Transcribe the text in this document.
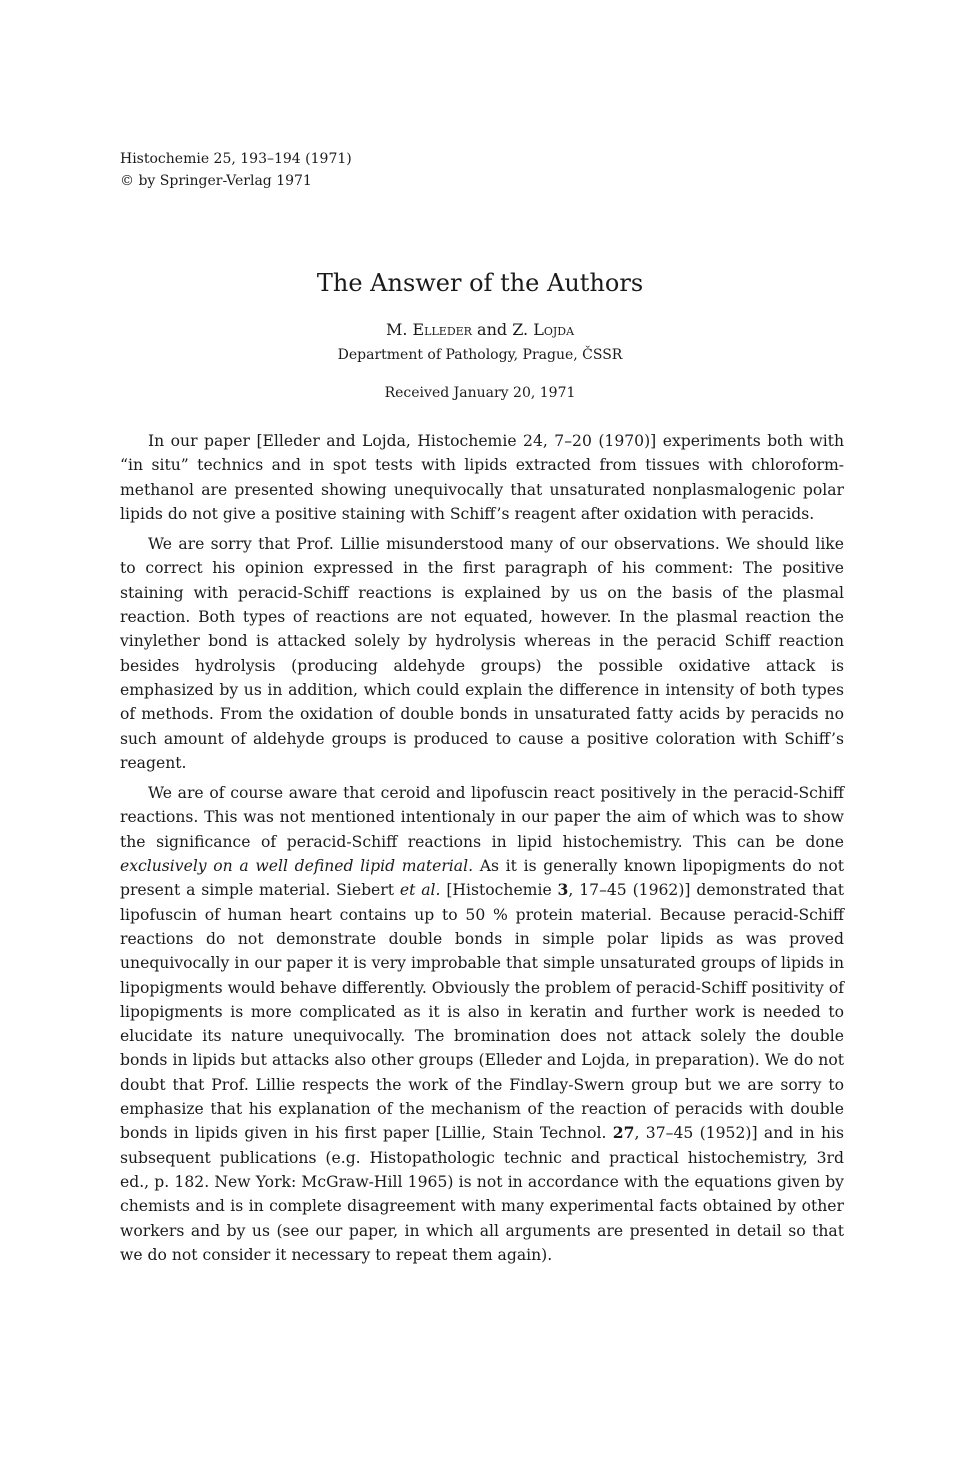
Histochemie 25, 193–194 (1971)
© by Springer-Verlag 1971
The Answer of the Authors
M. Elleder and Z. Lojda
Department of Pathology, Prague, ČSSR
Received January 20, 1971

In our paper [Elleder and Lojda, Histochemie 24, 7–20 (1970)] experiments both with “in situ” technics and in spot tests with lipids extracted from tissues with chloroform-methanol are presented showing unequivocally that unsaturated nonplasmalogenic polar lipids do not give a positive staining with Schiff’s reagent after oxidation with peracids.

We are sorry that Prof. Lillie misunderstood many of our observations. We should like to correct his opinion expressed in the first paragraph of his comment: The positive staining with peracid-Schiff reactions is explained by us on the basis of the plasmal reaction. Both types of reactions are not equated, however. In the plasmal reaction the vinylether bond is attacked solely by hydrolysis whereas in the peracid Schiff reaction besides hydrolysis (producing aldehyde groups) the possible oxidative attack is emphasized by us in addition, which could explain the difference in intensity of both types of methods. From the oxidation of double bonds in unsaturated fatty acids by peracids no such amount of aldehyde groups is produced to cause a positive coloration with Schiff’s reagent.

We are of course aware that ceroid and lipofuscin react positively in the peracid-Schiff reactions. This was not mentioned intentionaly in our paper the aim of which was to show the significance of peracid-Schiff reactions in lipid histochemistry. This can be done exclusively on a well defined lipid material. As it is generally known lipopigments do not present a simple material. Siebert et al. [Histochemie 3, 17–45 (1962)] demonstrated that lipofuscin of human heart contains up to 50 % protein material. Because peracid-Schiff reactions do not demonstrate double bonds in simple polar lipids as was proved unequivocally in our paper it is very improbable that simple unsaturated groups of lipids in lipopigments would behave differently. Obviously the problem of peracid-Schiff positivity of lipopigments is more complicated as it is also in keratin and further work is needed to elucidate its nature unequivocally. The bromination does not attack solely the double bonds in lipids but attacks also other groups (Elleder and Lojda, in preparation). We do not doubt that Prof. Lillie respects the work of the Findlay-Swern group but we are sorry to emphasize that his explanation of the mechanism of the reaction of peracids with double bonds in lipids given in his first paper [Lillie, Stain Technol. 27, 37–45 (1952)] and in his subsequent publications (e.g. Histopathologic technic and practical histochemistry, 3rd ed., p. 182. New York: McGraw-Hill 1965) is not in accordance with the equations given by chemists and is in complete disagreement with many experimental facts obtained by other workers and by us (see our paper, in which all arguments are presented in detail so that we do not consider it necessary to repeat them again).
